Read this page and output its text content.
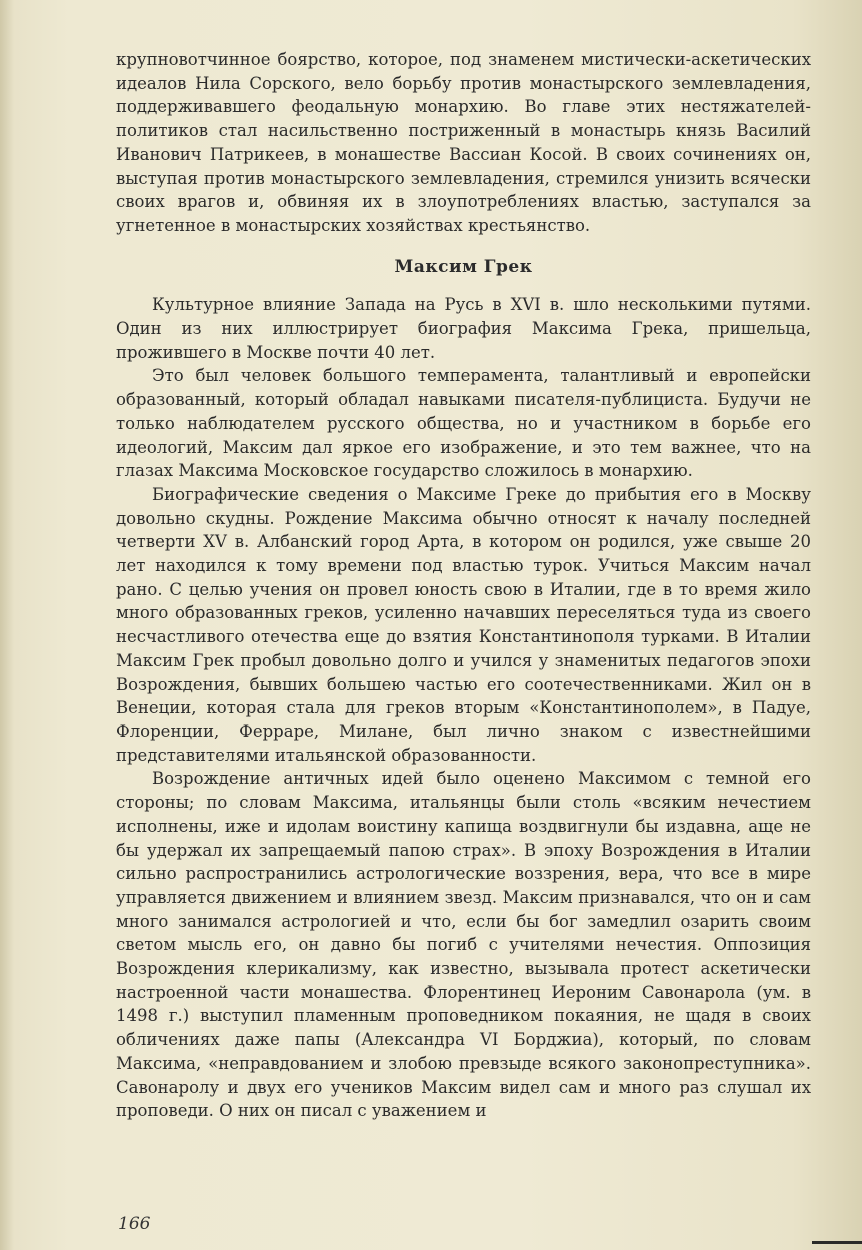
крупновотчинное боярство, которое, под знаменем мистически-аскетических идеалов Нила Сорского, вело борьбу против монастырского землевладения, поддерживавшего феодальную монархию. Во главе этих нестяжателей-политиков стал насильственно постриженный в монастырь князь Василий Иванович Патрикеев, в монашестве Вассиан Косой. В своих сочинениях он, выступая против монастырского землевладения, стремился унизить всячески своих врагов и, обвиняя их в злоупотреблениях властью, заступался за угнетенное в монастырских хозяйствах крестьянство.

Максим Грек

Культурное влияние Запада на Русь в XVI в. шло несколькими путями. Один из них иллюстрирует биография Максима Грека, пришельца, прожившего в Москве почти 40 лет.

Это был человек большого темперамента, талантливый и европейски образованный, который обладал навыками писателя-публициста. Будучи не только наблюдателем русского общества, но и участником в борьбе его идеологий, Максим дал яркое его изображение, и это тем важнее, что на глазах Максима Московское государство сложилось в монархию.

Биографические сведения о Максиме Греке до прибытия его в Москву довольно скудны. Рождение Максима обычно относят к началу последней четверти XV в. Албанский город Арта, в котором он родился, уже свыше 20 лет находился к тому времени под властью турок. Учиться Максим начал рано. С целью учения он провел юность свою в Италии, где в то время жило много образованных греков, усиленно начавших переселяться туда из своего несчастливого отечества еще до взятия Константинополя турками. В Италии Максим Грек пробыл довольно долго и учился у знаменитых педагогов эпохи Возрождения, бывших большею частью его соотечественниками. Жил он в Венеции, которая стала для греков вторым «Константинополем», в Падуе, Флоренции, Ферраре, Милане, был лично знаком с известнейшими представителями итальянской образованности.

Возрождение античных идей было оценено Максимом с темной его стороны; по словам Максима, итальянцы были столь «всяким нечестием исполнены, иже и идолам воистину капища воздвигнули бы издавна, аще не бы удержал их запрещаемый папою страх». В эпоху Возрождения в Италии сильно распространились астрологические воззрения, вера, что все в мире управляется движением и влиянием звезд. Максим признавался, что он и сам много занимался астрологией и что, если бы бог замедлил озарить своим светом мысль его, он давно бы погиб с учителями нечестия. Оппозиция Возрождения клерикализму, как известно, вызывала протест аскетически настроенной части монашества. Флорентинец Иероним Савонарола (ум. в 1498 г.) выступил пламенным проповедником покаяния, не щадя в своих обличениях даже папы (Александра VI Борджиа), который, по словам Максима, «неправдованием и злобою превзыде всякого законопреступника». Савонаролу и двух его учеников Максим видел сам и много раз слушал их проповеди. О них он писал с уважением и

166
